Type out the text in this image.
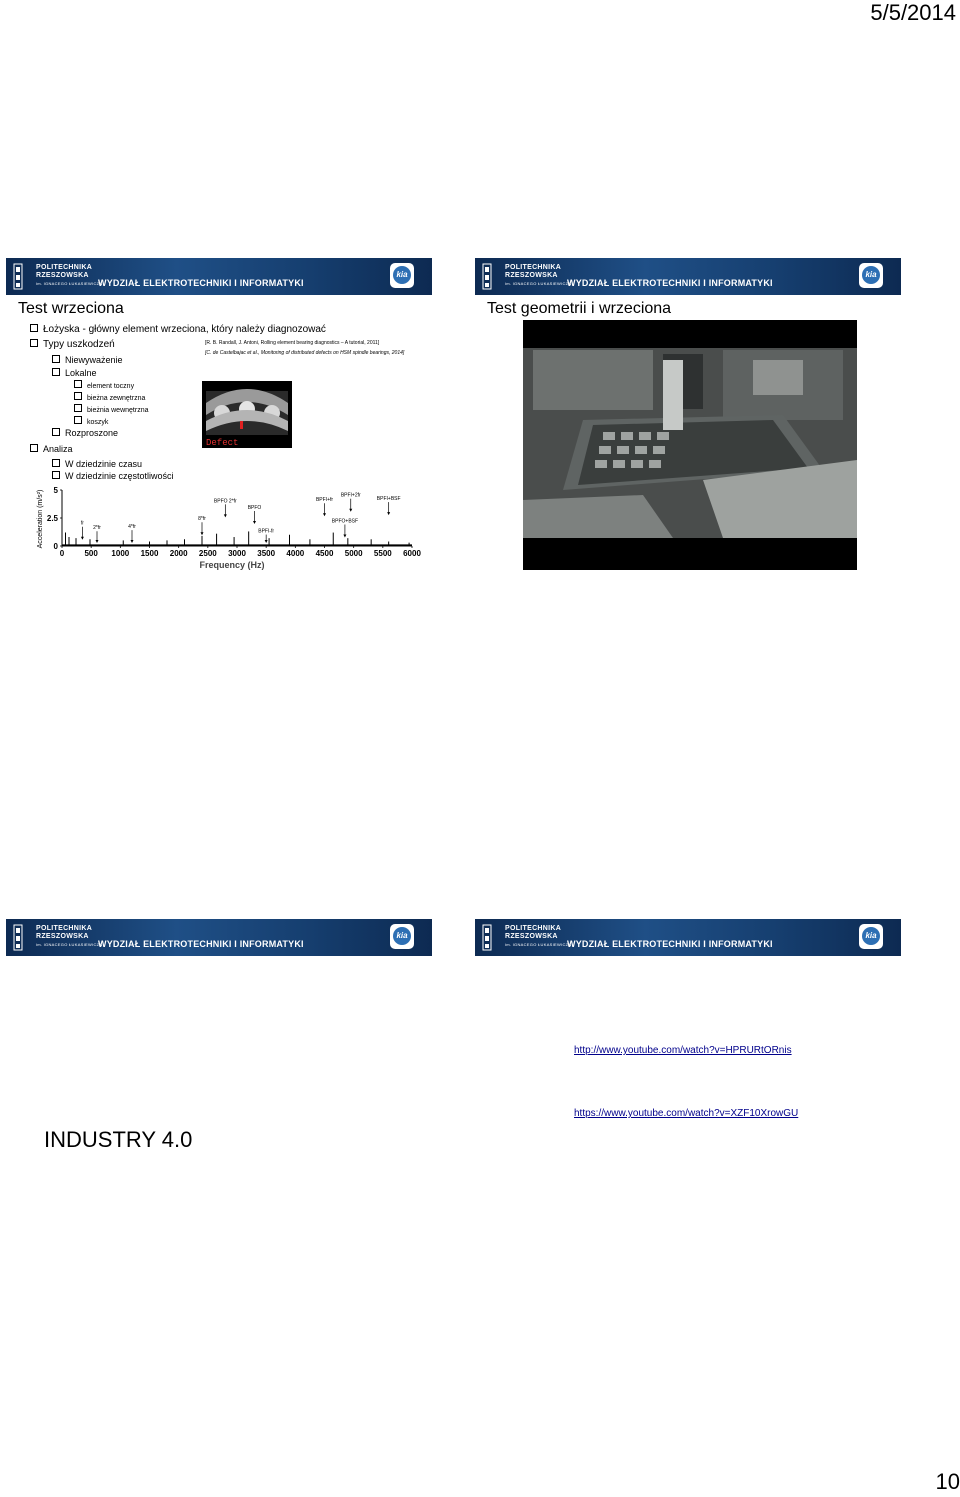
5/5/2014
POLITECHNIKA
RZESZOWSKA
im. IGNACEGO ŁUKASIEWICZA
WYDZIAŁ ELEKTROTECHNIKI I INFORMATYKI
kia
Test wrzeciona
Łożyska - główny element wrzeciona, który należy diagnozować
Typy uszkodzeń
Niewyważenie
Lokalne
element toczny
bieżna zewnętrzna
bieżnia wewnętrzna
koszyk
Rozproszone
Analiza
W dziedzinie czasu
W dziedzinie częstotliwości
[R. B. Randall, J. Antoni, Rolling element bearing diagnostics – A tutorial, 2011]
[C. de Castelbajac et al., Monitoring of distributed defects on HSM spindle bearings, 2014]
Defect
Acceleration (m/s²)
Frequency (Hz)
0	500 1000 1500 2000 2500 3000 3500 4000 4500 5000 5500 6000
0
2.5
5
fr
2*fr	4*fr
8*fr
BPFO 2*fr
BPFO
BPFI-fr
BPFI+fr
BPFI+2fr
BPFO+BSF
BPFI+BSF
POLITECHNIKA
RZESZOWSKA
im. IGNACEGO ŁUKASIEWICZA
WYDZIAŁ ELEKTROTECHNIKI I INFORMATYKI
kia
Test geometrii i wrzeciona
POLITECHNIKA
RZESZOWSKA
im. IGNACEGO ŁUKASIEWICZA
WYDZIAŁ ELEKTROTECHNIKI I INFORMATYKI
kia
INDUSTRY 4.0
POLITECHNIKA
RZESZOWSKA
im. IGNACEGO ŁUKASIEWICZA
WYDZIAŁ ELEKTROTECHNIKI I INFORMATYKI
kia
http://www.youtube.com/watch?v=HPRURtORnis
https://www.youtube.com/watch?v=XZF10XrowGU
10
